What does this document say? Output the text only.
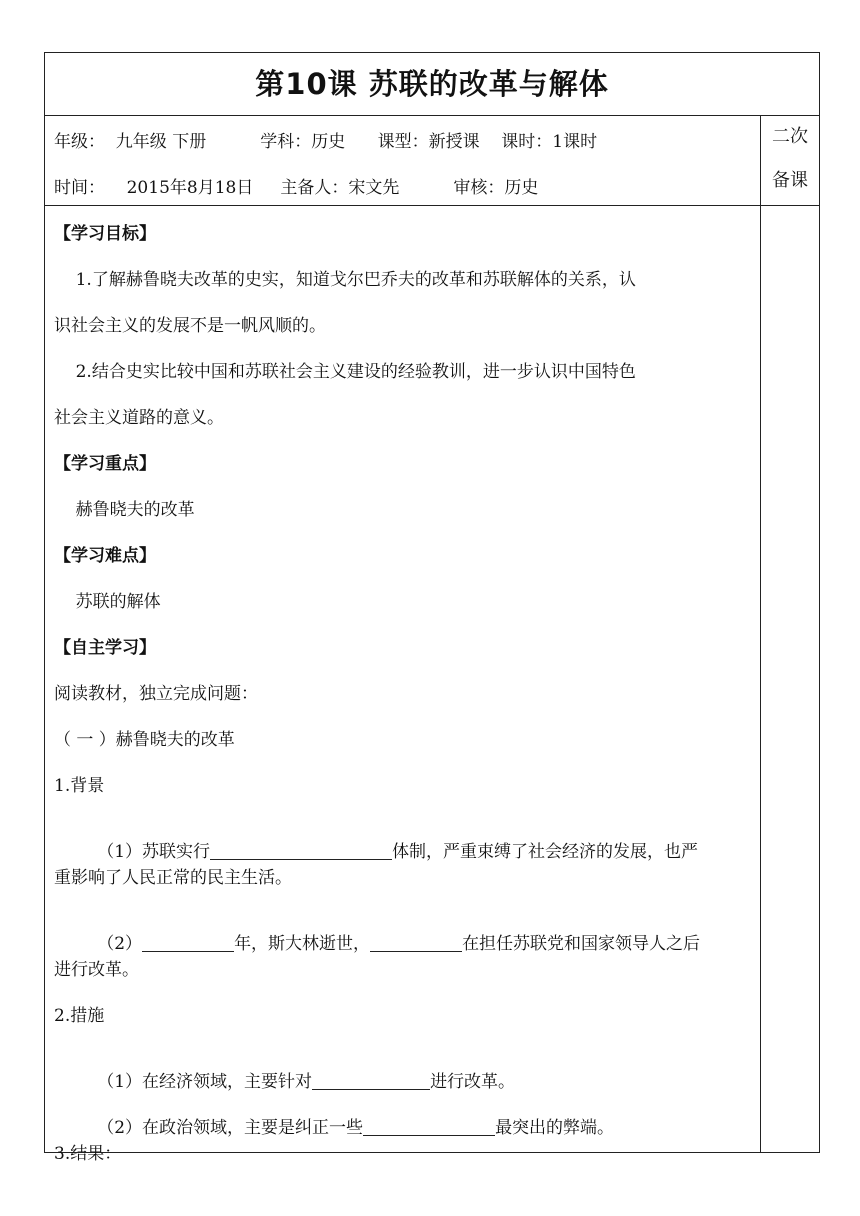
第10课 苏联的改革与解体
年级：  九年级 下册          学科：历史      课型：新授课    课时：1课时
时间：    2015年8月18日     主备人：宋文先          审核：历史
二次
备课
【学习目标】
1.了解赫鲁晓夫改革的史实，知道戈尔巴乔夫的改革和苏联解体的关系，认
识社会主义的发展不是一帆风顺的。
2.结合史实比较中国和苏联社会主义建设的经验教训，进一步认识中国特色
社会主义道路的意义。
【学习重点】
赫鲁晓夫的改革
【学习难点】
苏联的解体
【自主学习】
阅读教材，独立完成问题：
（ 一 ）赫鲁晓夫的改革
1.背景

（1）苏联实行	体制，严重束缚了社会经济的发展，也严

重影响了人民正常的民主生活。

（2）	年，斯大林逝世，	在担任苏联党和国家领导人之后

进行改革。
2.措施

（1）在经济领域，主要针对	进行改革。

（2）在政治领域，主要是纠正一些	最突出的弊端。

3.结果：
